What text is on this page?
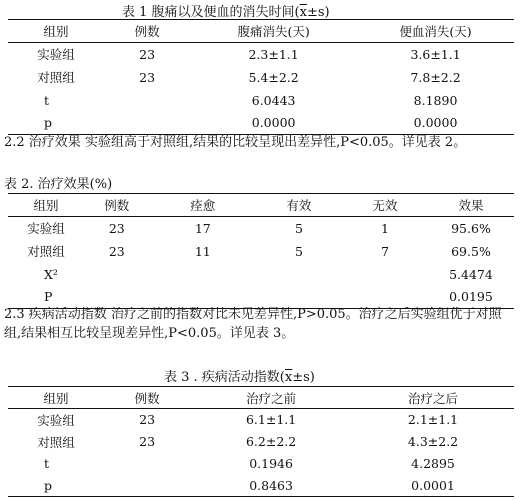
表 1 腹痛以及便血的消失时间$(\overline{x}\pm s)$
组别	例数	腹痛消失(天)	便血消失(天)
实验组	23	2.3±1.1	3.6±1.1
对照组	23	5.4±2.2	7.8±2.2
t		6.0443	8.1890
p		0.0000	0.0000
2.2 治疗效果 实验组高于对照组,结果的比较呈现出差异性,P<0.05。详见表 2。
表 2. 治疗效果(%)
组别	例数	痊愈	有效	无效	效果
实验组	23	17	5	1	95.6%
对照组	23	11	5	7	69.5%
X²					5.4474
P					0.0195
2.3 疾病活动指数 治疗之前的指数对比未见差异性,P>0.05。治疗之后实验组优于对照组,结果相互比较呈现差异性,P<0.05。详见表 3。
表 3 . 疾病活动指数$(\overline{x}\pm s)$
组别	例数	治疗之前	治疗之后
实验组	23	6.1±1.1	2.1±1.1
对照组	23	6.2±2.2	4.3±2.2
t		0.1946	4.2895
p		0.8463	0.0001
